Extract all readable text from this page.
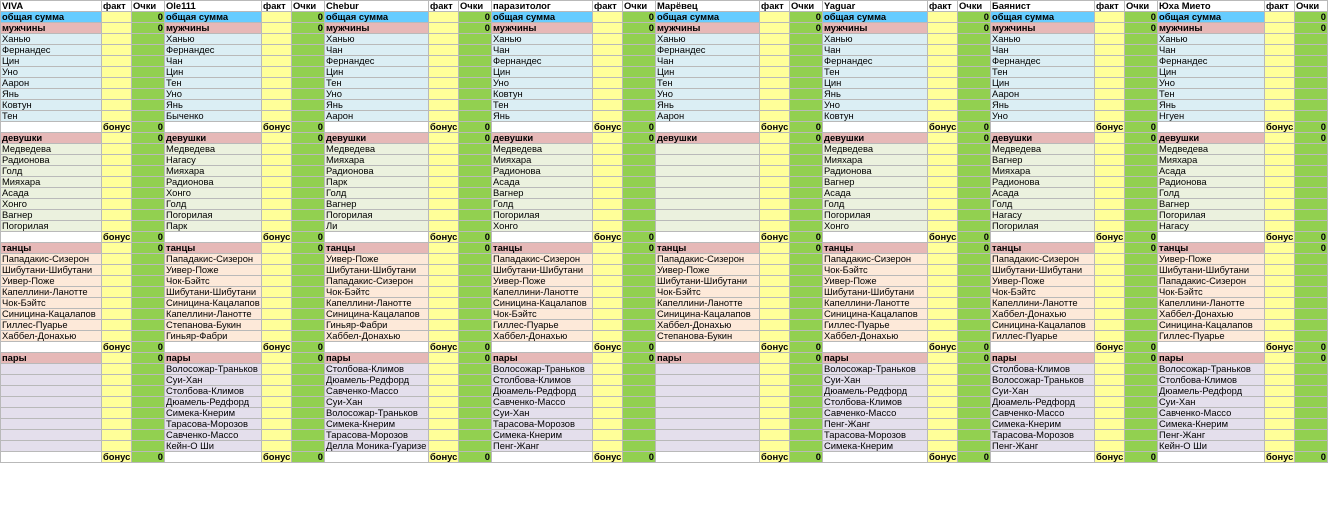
VIVA	факт	Очки	Ole111	факт	Очки	Chebur	факт	Очки	паразитолог	факт	Очки	Марёвец	факт	Очки	Yaguar	факт	Очки	Баянист	факт	Очки	Юха Мието	факт	Очки
общая сумма		0	общая сумма		0	общая сумма		0	общая сумма		0	общая сумма		0	общая сумма		0	общая сумма		0	общая сумма		0
мужчины		0	мужчины		0	мужчины		0	мужчины		0	мужчины		0	мужчины		0	мужчины		0	мужчины		0
Ханью			Ханью			Ханью			Ханью			Ханью			Ханью			Ханью			Ханью		
Фернандес			Фернандес			Чан			Чан			Фернандес			Чан			Чан			Чан		
Цин			Чан			Фернандес			Фернандес			Чан			Фернандес			Фернандес			Фернандес		
Уно			Цин			Цин			Цин			Цин			Тен			Тен			Цин		
Аарон			Тен			Тен			Уно			Тен			Цин			Цин			Уно		
Янь			Уно			Уно			Ковтун			Уно			Янь			Аарон			Тен		
Ковтун			Янь			Янь			Тен			Янь			Уно			Янь			Янь		
Тен			Быченко			Аарон			Янь			Аарон			Ковтун			Уно			Нгуен		
	бонус	0		бонус	0		бонус	0		бонус	0		бонус	0		бонус	0		бонус	0		бонус	0
девушки		0	девушки		0	девушки		0	девушки		0	девушки		0	девушки		0	девушки		0	девушки		0
Медведева			Медведева			Медведева			Медведева						Медведева			Медведева			Медведева		
Радионова			Нагасу			Мияхара			Мияхара						Мияхара			Вагнер			Мияхара		
Голд			Мияхара			Радионова			Радионова						Радионова			Мияхара			Асада		
Мияхара			Радионова			Парк			Асада						Вагнер			Радионова			Радионова		
Асада			Хонго			Голд			Вагнер						Асада			Асада			Голд		
Хонго			Голд			Вагнер			Голд						Голд			Голд			Вагнер		
Вагнер			Погорилая			Погорилая			Погорилая						Погорилая			Нагасу			Погорилая		
Погорилая			Парк			Ли			Хонго						Хонго			Погорилая			Нагасу		
	бонус	0		бонус	0		бонус	0		бонус	0		бонус	0		бонус	0		бонус	0		бонус	0
танцы		0	танцы		0	танцы		0	танцы		0	танцы		0	танцы		0	танцы		0	танцы		0
Пападакис-Сизерон			Пападакис-Сизерон			Уивер-Поже			Пападакис-Сизерон			Пападакис-Сизерон			Пападакис-Сизерон			Пападакис-Сизерон			Уивер-Поже		
Шибутани-Шибутани			Уивер-Поже			Шибутани-Шибутани			Шибутани-Шибутани			Уивер-Поже			Чок-Бэйтс			Шибутани-Шибутани			Шибутани-Шибутани		
Уивер-Поже			Чок-Бэйтс			Пападакис-Сизерон			Уивер-Поже			Шибутани-Шибутани			Уивер-Поже			Уивер-Поже			Пападакис-Сизерон		
Капеллини-Ланотте			Шибутани-Шибутани			Чок-Бэйтс			Капеллини-Ланотте			Чок-Бэйтс			Шибутани-Шибутани			Чок-Бэйтс			Чок-Бэйтс		
Чок-Бэйтс			Синицина-Кацалапов			Капеллини-Ланотте			Синицина-Кацалапов			Капеллини-Ланотте			Капеллини-Ланотте			Капеллини-Ланотте			Капеллини-Ланотте		
Синицина-Кацалапов			Капеллини-Ланотте			Синицина-Кацалапов			Чок-Бэйтс			Синицина-Кацалапов			Синицина-Кацалапов			Хаббел-Донахью			Хаббел-Донахью		
Гиллес-Пуарье			Степанова-Букин			Гиньяр-Фабри			Гиллес-Пуарье			Хаббел-Донахью			Гиллес-Пуарье			Синицина-Кацалапов			Синицина-Кацалапов		
Хаббел-Донахью			Гиньяр-Фабри			Хаббел-Донахью			Хаббел-Донахью			Степанова-Букин			Хаббел-Донахью			Гиллес-Пуарье			Гиллес-Пуарье		
	бонус	0		бонус	0		бонус	0		бонус	0		бонус	0		бонус	0		бонус	0		бонус	0
пары		0	пары		0	пары		0	пары		0	пары		0	пары		0	пары		0	пары		0
			Волосожар-Траньков			Столбова-Климов			Волосожар-Траньков						Волосожар-Траньков			Столбова-Климов			Волосожар-Траньков		
			Суи-Хан			Дюамель-Редфорд			Столбова-Климов						Суи-Хан			Волосожар-Траньков			Столбова-Климов		
			Столбова-Климов			Савченко-Массо			Дюамель-Редфорд						Дюамель-Редфорд			Суи-Хан			Дюамель-Редфорд		
			Дюамель-Редфорд			Суи-Хан			Савченко-Массо						Столбова-Климов			Дюамель-Редфорд			Суи-Хан		
			Симека-Кнерим			Волосожар-Траньков			Суи-Хан						Савченко-Массо			Савченко-Массо			Савченко-Массо		
			Тарасова-Морозов			Симека-Кнерим			Тарасова-Морозов						Пенг-Жанг			Симека-Кнерим			Симека-Кнерим		
			Савченко-Массо			Тарасова-Морозов			Симека-Кнерим						Тарасова-Морозов			Тарасова-Морозов			Пенг-Жанг		
			Кейн-О Ши			Делла Моника-Гуаризе			Пенг-Жанг						Симека-Кнерим			Пенг-Жанг			Кейн-О Ши		
	бонус	0		бонус	0		бонус	0		бонус	0		бонус	0		бонус	0		бонус	0		бонус	0
